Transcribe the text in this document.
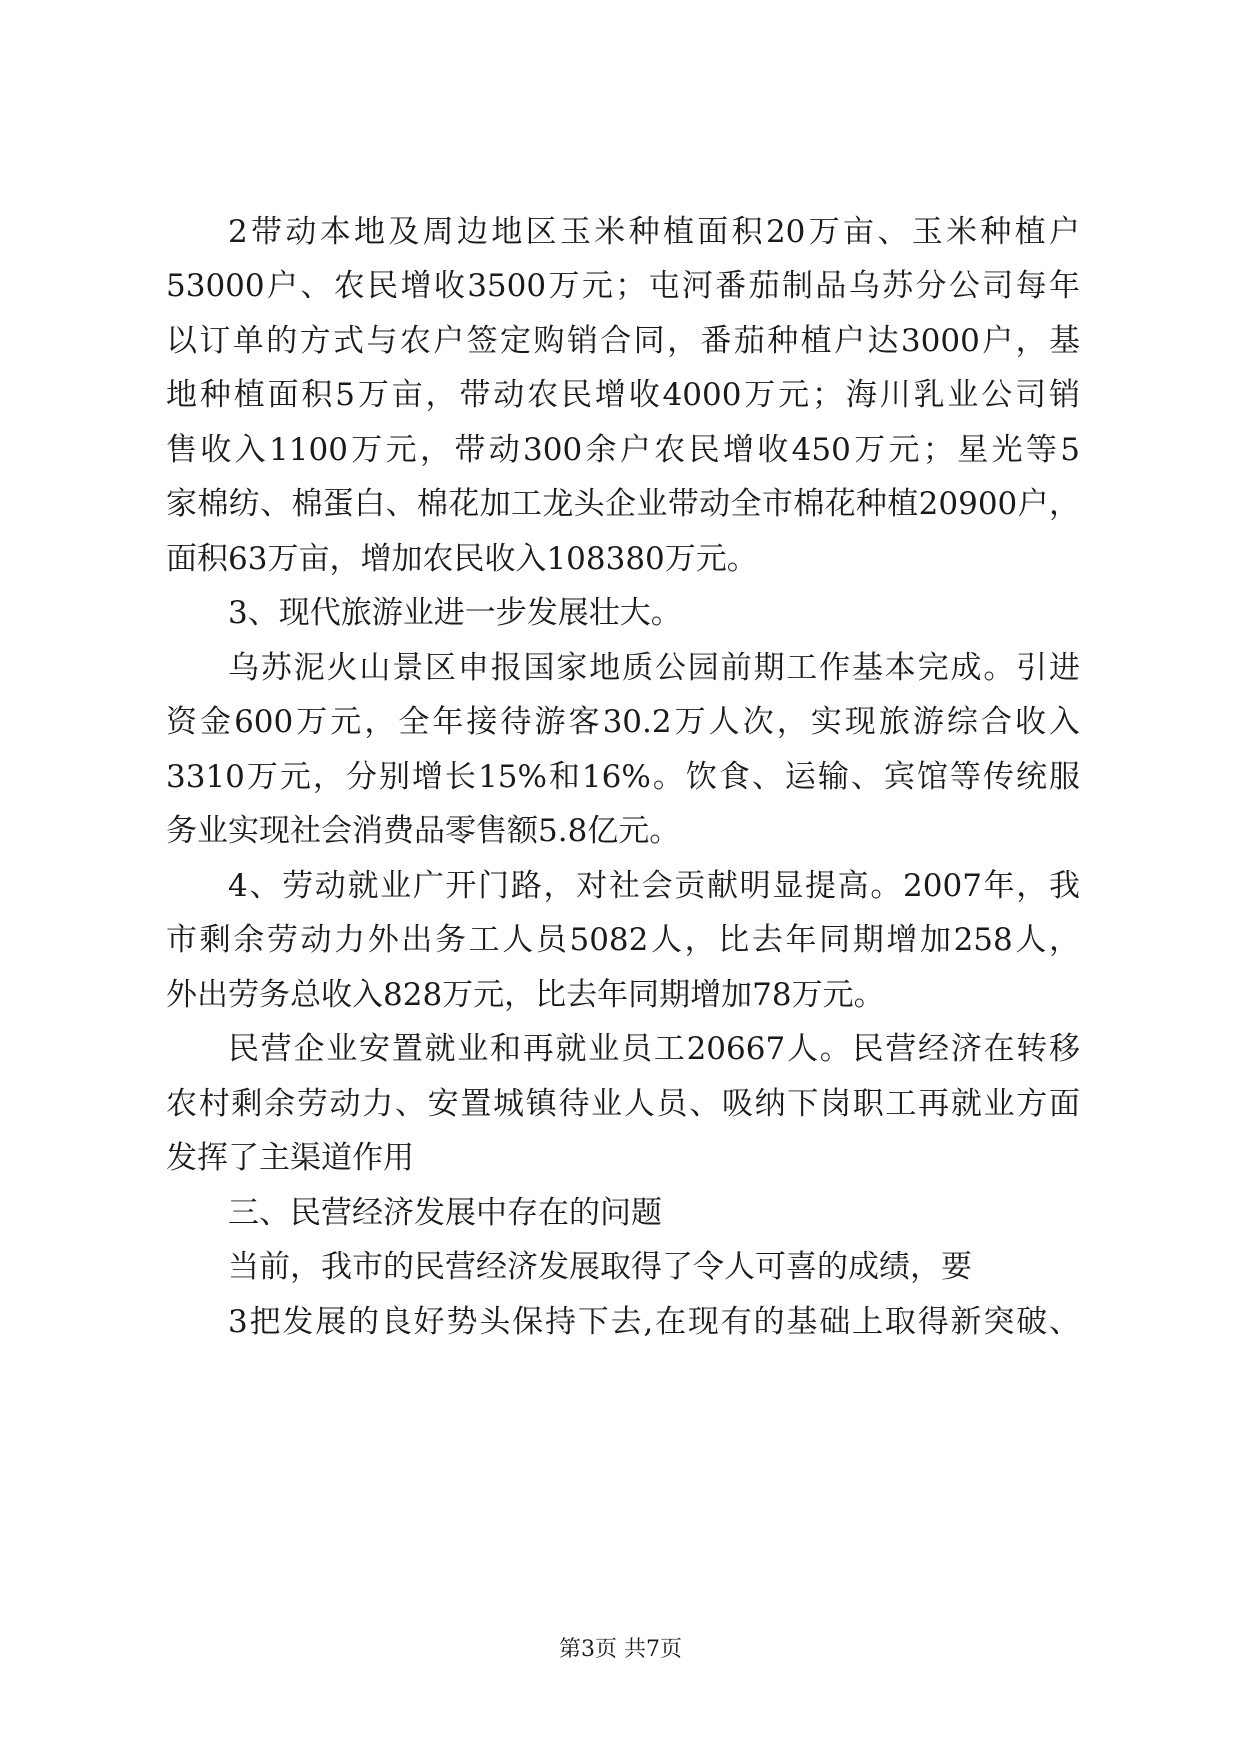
2带动本地及周边地区玉米种植面积20万亩、玉米种植户
53000户、农民增收3500万元；屯河番茄制品乌苏分公司每年
以订单的方式与农户签定购销合同，番茄种植户达3000户，基
地种植面积5万亩，带动农民增收4000万元；海川乳业公司销
售收入1100万元，带动300余户农民增收450万元；星光等5
家棉纺、棉蛋白、棉花加工龙头企业带动全市棉花种植20900户，
面积63万亩，增加农民收入108380万元。
3、现代旅游业进一步发展壮大。
乌苏泥火山景区申报国家地质公园前期工作基本完成。引进
资金600万元，全年接待游客30.2万人次，实现旅游综合收入
3310万元，分别增长15%和16%。饮食、运输、宾馆等传统服
务业实现社会消费品零售额5.8亿元。
4、劳动就业广开门路，对社会贡献明显提高。2007年，我
市剩余劳动力外出务工人员5082人，比去年同期增加258人，
外出劳务总收入828万元，比去年同期增加78万元。
民营企业安置就业和再就业员工20667人。民营经济在转移
农村剩余劳动力、安置城镇待业人员、吸纳下岗职工再就业方面
发挥了主渠道作用
三、民营经济发展中存在的问题
当前，我市的民营经济发展取得了令人可喜的成绩，要
3把发展的良好势头保持下去,在现有的基础上取得新突破、
第3页 共7页
